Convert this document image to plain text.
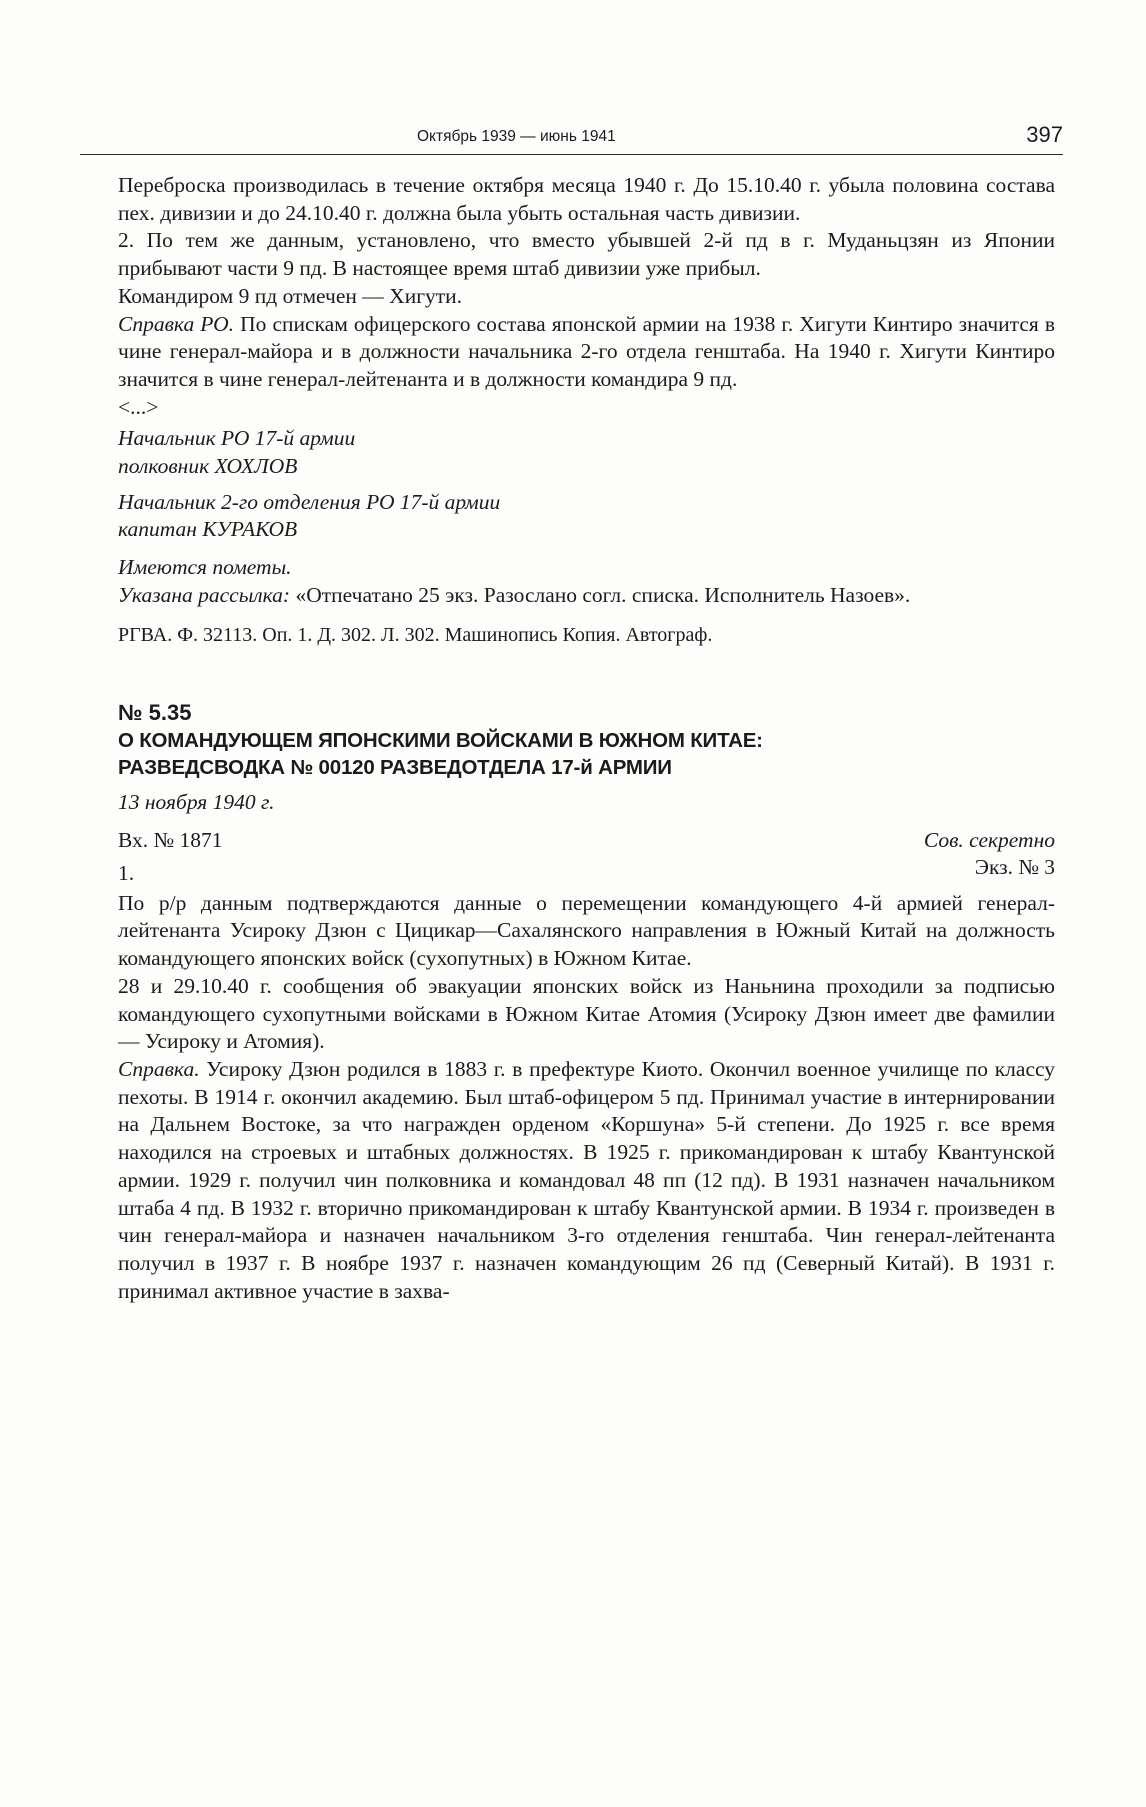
Октябрь 1939 — июнь 1941	397

Переброска производилась в течение октября месяца 1940 г. До 15.10.40 г. убыла половина состава пех. дивизии и до 24.10.40 г. должна была убыть остальная часть дивизии.

2. По тем же данным, установлено, что вместо убывшей 2-й пд в г. Муданьцзян из Японии прибывают части 9 пд. В настоящее время штаб дивизии уже прибыл.

Командиром 9 пд отмечен — Хигути.

Справка РО. По спискам офицерского состава японской армии на 1938 г. Хигути Кинтиро значится в чине генерал-майора и в должности начальника 2-го отдела генштаба. На 1940 г. Хигути Кинтиро значится в чине генерал-лейтенанта и в должности командира 9 пд.

<...>

Начальник РО 17-й армии

полковник ХОХЛОВ

Начальник 2-го отделения РО 17-й армии

капитан КУРАКОВ

Имеются пометы.

Указана рассылка: «Отпечатано 25 экз. Разослано согл. списка. Исполнитель Назоев».

РГВА. Ф. 32113. Оп. 1. Д. 302. Л. 302. Машинопись Копия. Автограф.

№ 5.35

О КОМАНДУЮЩЕМ ЯПОНСКИМИ ВОЙСКАМИ В ЮЖНОМ КИТАЕ:

РАЗВЕДСВОДКА № 00120 РАЗВЕДОТДЕЛА 17-й АРМИИ

13 ноября 1940 г.

Вх. № 1871	Сов. секретно

Экз. № 3

1.

По р/р данным подтверждаются данные о перемещении командующего 4-й армией генерал-лейтенанта Усироку Дзюн с Цицикар—Сахалянского направления в Южный Китай на должность командующего японских войск (сухопутных) в Южном Китае.

28 и 29.10.40 г. сообщения об эвакуации японских войск из Наньнина проходили за подписью командующего сухопутными войсками в Южном Китае Атомия (Усироку Дзюн имеет две фамилии — Усироку и Атомия).

Справка. Усироку Дзюн родился в 1883 г. в префектуре Киото. Окончил военное училище по классу пехоты. В 1914 г. окончил академию. Был штаб-офицером 5 пд. Принимал участие в интернировании на Дальнем Востоке, за что награжден орденом «Коршуна» 5-й степени. До 1925 г. все время находился на строевых и штабных должностях. В 1925 г. прикомандирован к штабу Квантунской армии. 1929 г. получил чин полковника и командовал 48 пп (12 пд). В 1931 назначен начальником штаба 4 пд. В 1932 г. вторично прикомандирован к штабу Квантунской армии. В 1934 г. произведен в чин генерал-майора и назначен начальником 3-го отделения генштаба. Чин генерал-лейтенанта получил в 1937 г. В ноябре 1937 г. назначен командующим 26 пд (Северный Китай). В 1931 г. принимал активное участие в захва-
